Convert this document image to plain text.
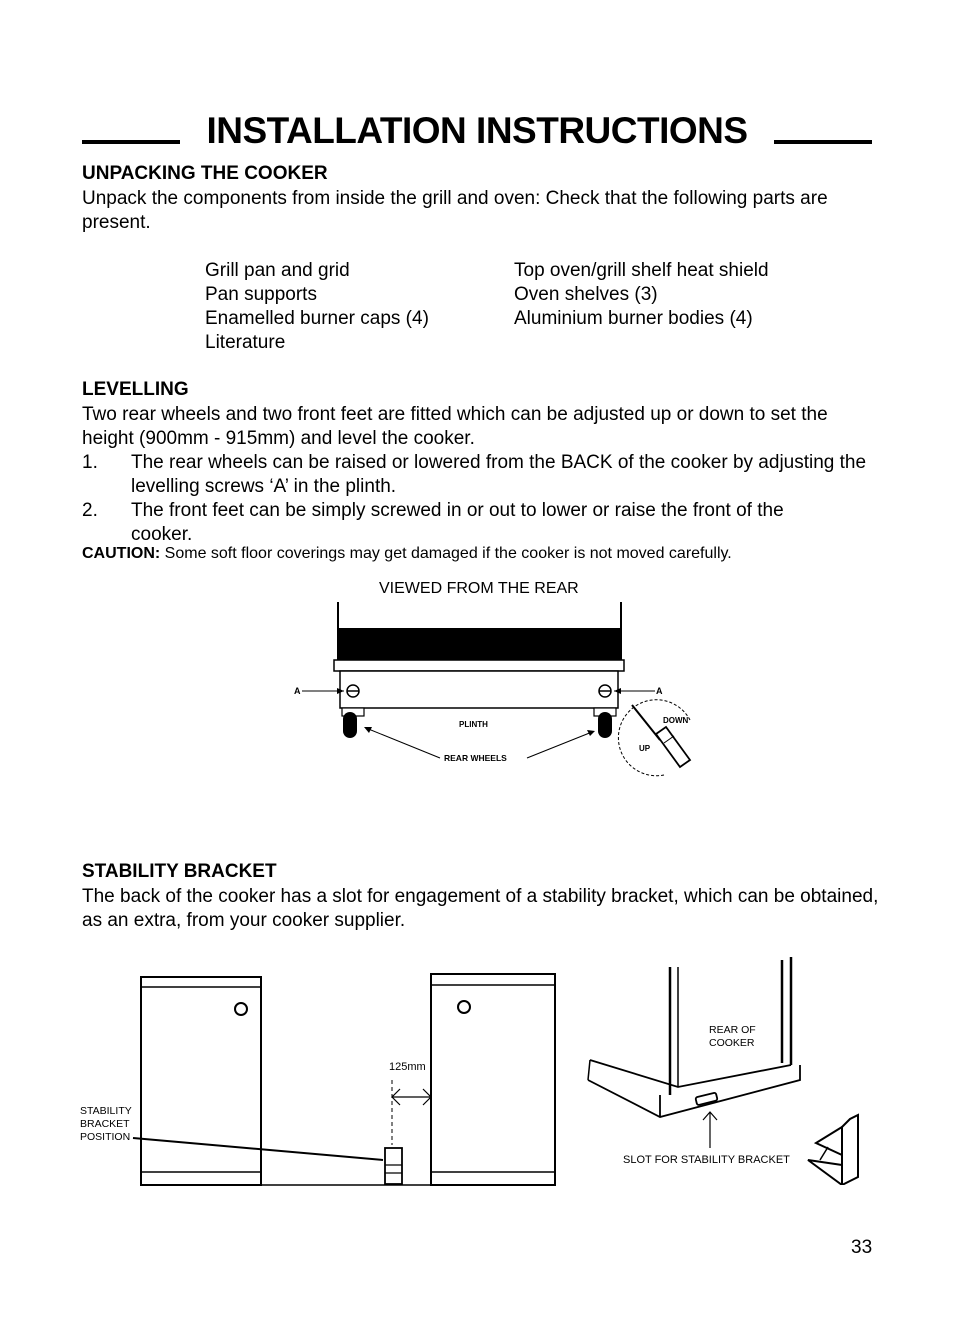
INSTALLATION INSTRUCTIONS
UNPACKING THE COOKER
Unpack the components from inside the grill and oven: Check that the following parts are present.
Grill pan and grid
Pan supports
Enamelled burner caps (4)
Literature
Top oven/grill shelf heat shield
Oven shelves (3)
Aluminium burner bodies (4)
LEVELLING
Two rear wheels and two front feet are fitted which can be adjusted up or down to set the height (900mm - 915mm) and level the cooker.
1. The rear wheels can be raised or lowered from the BACK of the cooker by adjusting the levelling screws ‘A’ in the plinth.
2. The front feet can be simply screwed in or out to lower or raise the front of the cooker.
CAUTION: Some soft floor coverings may get damaged if the cooker is not moved carefully.
VIEWED FROM THE REAR
A	A
PLINTH
REAR WHEELS
DOWN
UP
STABILITY BRACKET
The back of the cooker has a slot for engagement of a stability bracket, which can be obtained, as an extra, from your cooker supplier.
125mm
STABILITY BRACKET POSITION
REAR OF COOKER
SLOT FOR STABILITY BRACKET
33
